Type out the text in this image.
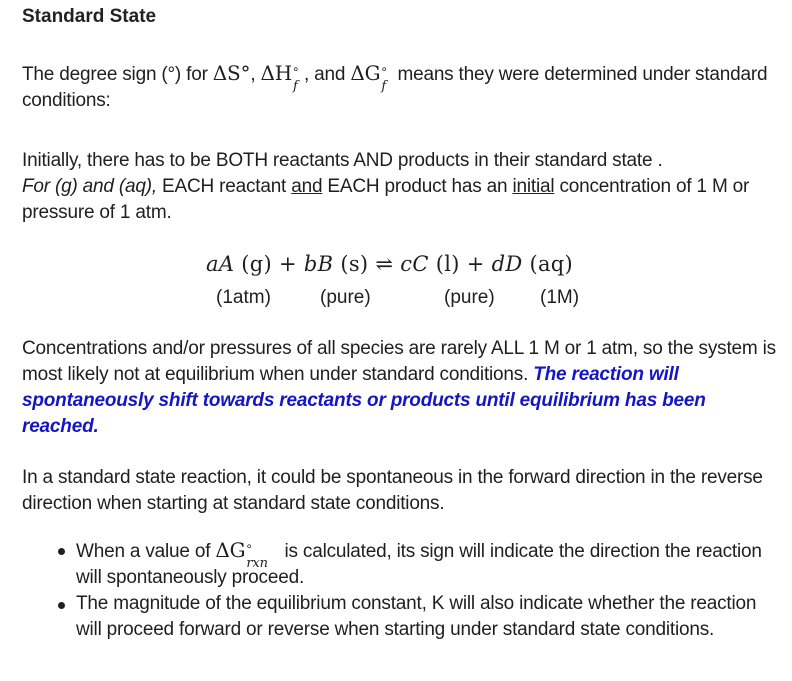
Standard State
The degree sign (°) for ΔS°, ΔH ∘
f
, and ΔG ∘
f
means they were determined under standard conditions:
Initially, there has to be BOTH reactants AND products in their standard state .
For (g) and (aq), EACH reactant and EACH product has an initial concentration of 1 M or pressure of 1 atm.
aA (g) + bB (s) ⇌ cC (l) + dD (aq)
(1atm)	(pure)	(pure) (1M)
Concentrations and/or pressures of all species are rarely ALL 1 M or 1 atm, so the system is most likely not at equilibrium when under standard conditions. The reaction will spontaneously shift towards reactants or products until equilibrium has been reached.
In a standard state reaction, it could be spontaneous in the forward direction in the reverse direction when starting at standard state conditions.
When a value of ΔG ∘
rxn
is calculated, its sign will indicate the direction the reaction will spontaneously proceed.
The magnitude of the equilibrium constant, K will also indicate whether the reaction will proceed forward or reverse when starting under standard state conditions.
